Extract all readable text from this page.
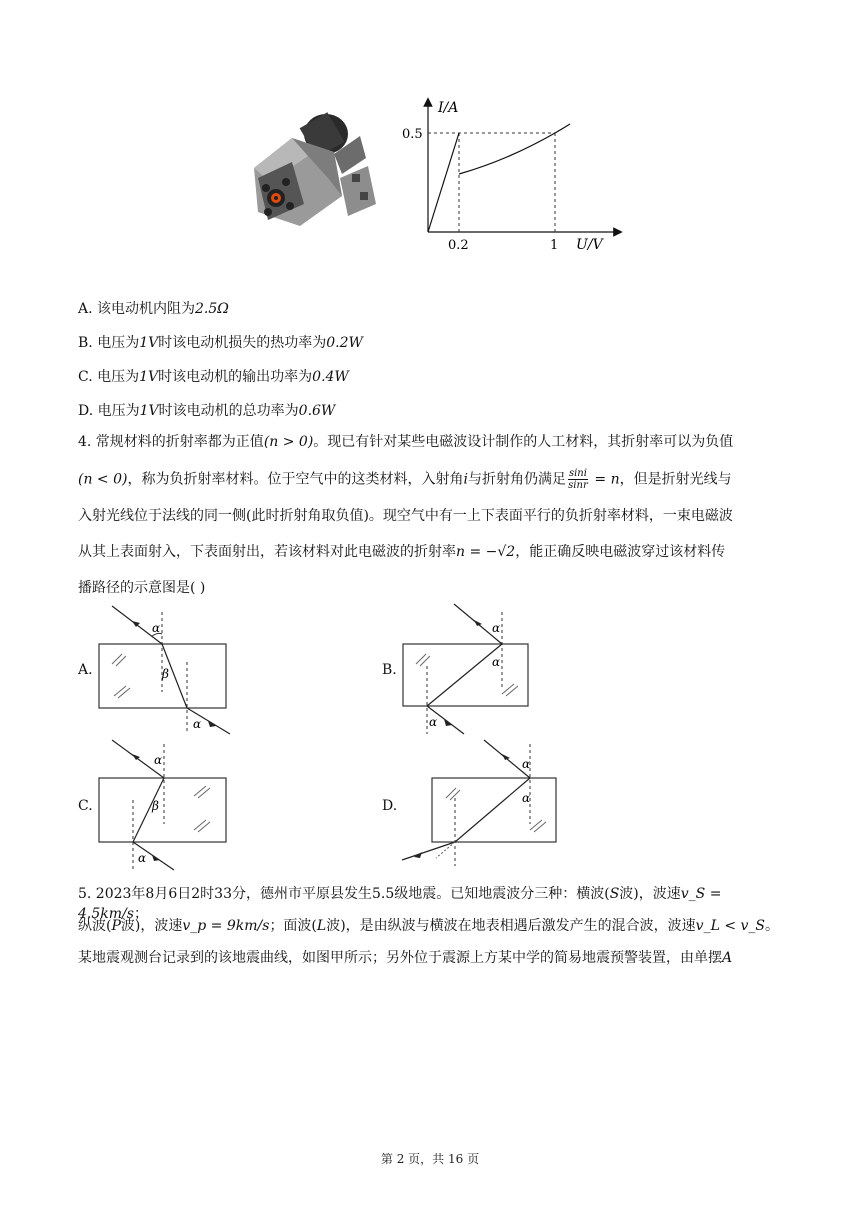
I/A
0.5
0.2	1 U/V
A. 该电动机内阻为2.5Ω
B. 电压为1V时该电动机损失的热功率为0.2W
C. 电压为1V时该电动机的输出功率为0.4W
D. 电压为1V时该电动机的总功率为0.6W
4. 常规材料的折射率都为正值(n > 0)。现已有针对某些电磁波设计制作的人工材料，其折射率可以为负值
(n < 0)，称为负折射率材料。位于空气中的这类材料，入射角i与折射角仍满足 $\frac{\sin i}{\sin r} = n$，但是折射光线与
入射光线位于法线的同一侧(此时折射角取负值)。现空气中有一上下表面平行的负折射率材料，一束电磁波
从其上表面射入，下表面射出，若该材料对此电磁波的折射率n = −√2，能正确反映电磁波穿过该材料传
播路径的示意图是( )
A.	B.
C.	D.
α
β
α
α
α
α
α
β
α
α
α
5. 2023年8月6日2时33分，德州市平原县发生5.5级地震。已知地震波分三种：横波(S波)，波速v_S = 4.5km/s；
纵波(P波)，波速v_p = 9km/s；面波(L波)，是由纵波与横波在地表相遇后激发产生的混合波，波速v_L < v_S。
某地震观测台记录到的该地震曲线，如图甲所示；另外位于震源上方某中学的简易地震预警装置，由单摆A
第 2 页，共 16 页
